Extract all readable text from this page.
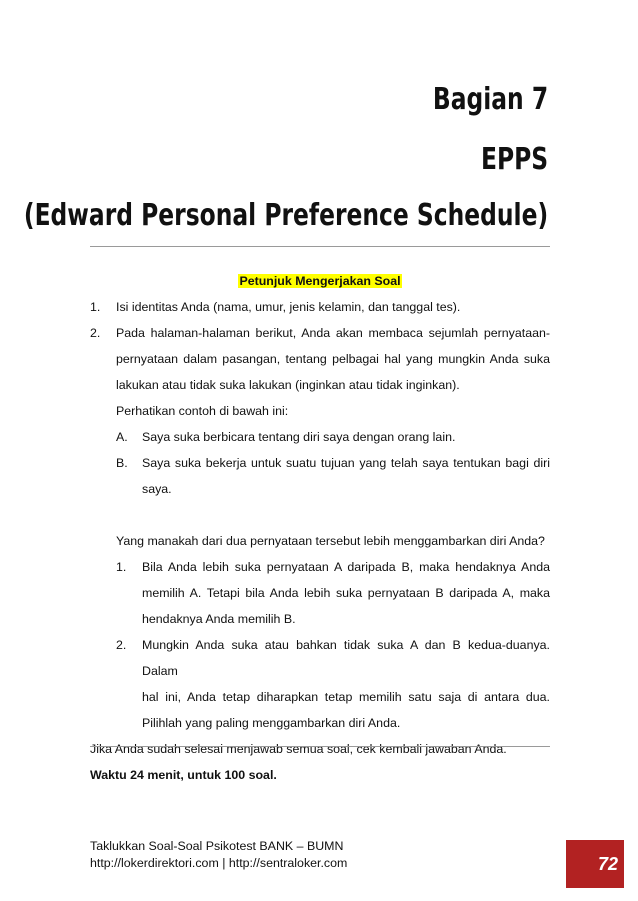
Bagian 7
EPPS
(Edward Personal Preference Schedule)
Petunjuk Mengerjakan Soal
1.	Isi identitas Anda (nama, umur, jenis kelamin, dan tanggal tes).
2.	Pada halaman-halaman berikut, Anda akan membaca sejumlah pernyataan-
pernyataan dalam pasangan, tentang pelbagai hal yang mungkin Anda suka
lakukan atau tidak suka lakukan (inginkan atau tidak inginkan).
Perhatikan contoh di bawah ini:
A.	Saya suka berbicara tentang diri saya dengan orang lain.
B.	Saya suka bekerja untuk suatu tujuan yang telah saya tentukan bagi diri
saya.
Yang manakah dari dua pernyataan tersebut lebih menggambarkan diri Anda?
1.	Bila Anda lebih suka pernyataan A daripada B, maka hendaknya Anda
memilih A. Tetapi bila Anda lebih suka pernyataan B daripada A, maka
hendaknya Anda memilih B.
2.	Mungkin Anda suka atau bahkan tidak suka A dan B kedua-duanya. Dalam
hal ini, Anda tetap diharapkan tetap memilih satu saja di antara dua.
Pilihlah yang paling menggambarkan diri Anda.
Jika Anda sudah selesai menjawab semua soal, cek kembali jawaban Anda.
Waktu 24 menit, untuk 100 soal.
Taklukkan Soal-Soal Psikotest BANK – BUMN
http://lokerdirektori.com | http://sentraloker.com	72
